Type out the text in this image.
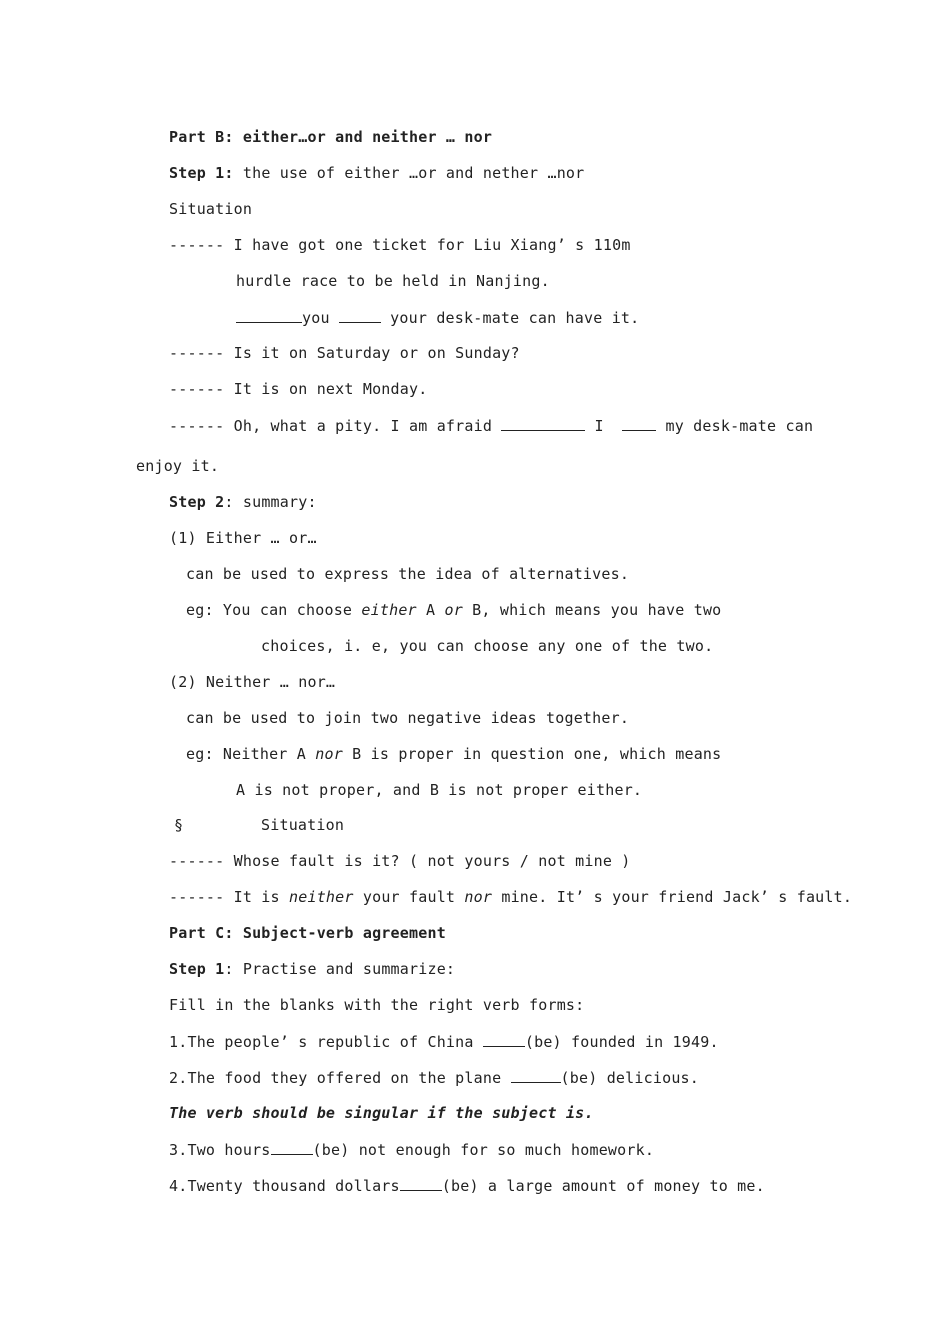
Part B: either…or and neither … nor
Step 1: the use of either …or and nether …nor
Situation
------ I have got one ticket for Liu Xiang’ s 110m
hurdle race to be held in Nanjing.
you	your desk-mate can have it.
------ Is it on Saturday or on Sunday?
------ It is on next Monday.
------ Oh, what a pity. I am afraid	I   my desk-mate can
enjoy it.
Step 2: summary:
(1) Either … or…
can be used to express the idea of alternatives.
eg: You can choose either A or B, which means you have two
choices, i. e, you can choose any one of the two.
(2) Neither … nor…
can be used to join two negative ideas together.
eg: Neither A nor B is proper in question one, which means
A is not proper, and B is not proper either.
§	Situation
------ Whose fault is it? ( not yours / not mine )
------ It is neither your fault nor mine. It’ s your friend Jack’ s fault.
Part C: Subject-verb agreement
Step 1: Practise and summarize:
Fill in the blanks with the right verb forms:
1.The people’ s republic of China	(be) founded in 1949.
2.The food they offered on the plane	(be) delicious.
The verb should be singular if the subject is.
3.Two hours	(be) not enough for so much homework.
4.Twenty thousand dollars	(be) a large amount of money to me.
